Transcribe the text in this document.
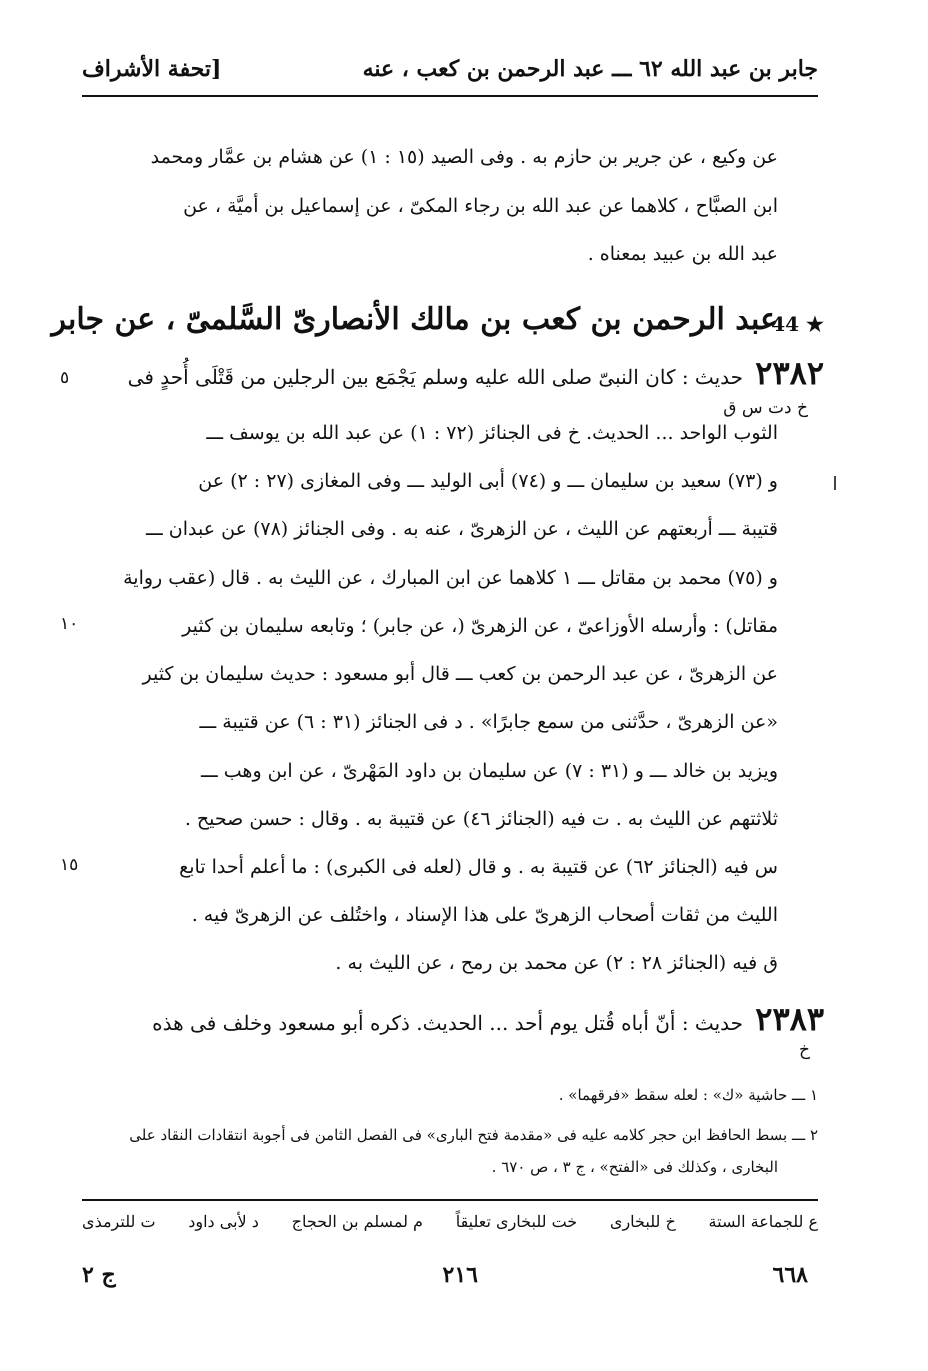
جابر بن عبد الله ٦٢ ـــ عبد الرحمن بن كعب ، عنه
[تحفة الأشراف
عن وكيع ، عن جرير بن حازم به . وفى الصيد (١٥ : ١) عن هشام بن عمَّار ومحمد
ابن الصبَّاح ، كلاهما عن عبد الله بن رجاء المكىّ ، عن إسماعيل بن أميَّة ، عن
عبد الله بن عبيد بمعناه .
44 ★
عبد الرحمن بن كعب بن مالك الأنصارىّ السَّلمىّ ، عن جابر
٢٣٨٢
حديث : كان النبىّ صلى الله عليه وسلم يَجْمَع بين الرجلين من قَتْلَى أُحدٍ فى
خ دت س ق
الثوب الواحد ... الحديث. خ فى الجنائز (٧٢ : ١) عن عبد الله بن يوسف ـــ
و (٧٣) سعيد بن سليمان ـــ و (٧٤) أبى الوليد ـــ وفى المغازى (٢٧ : ٢) عن
قتيبة ـــ أربعتهم عن الليث ، عن الزهرىّ ، عنه به . وفى الجنائز (٧٨) عن عبدان ـــ
و (٧٥) محمد بن مقاتل ـــ ١ كلاهما عن ابن المبارك ، عن الليث به . قال (عقب رواية
مقاتل) : وأرسله الأوزاعىّ ، عن الزهرىّ (، عن جابر) ؛ وتابعه سليمان بن كثير
عن الزهرىّ ، عن عبد الرحمن بن كعب ـــ قال أبو مسعود : حديث سليمان بن كثير
«عن الزهرىّ ، حدَّثنى من سمع جابرًا» . د فى الجنائز (٣١ : ٦) عن قتيبة ـــ
ويزيد بن خالد ـــ و (٣١ : ٧) عن سليمان بن داود المَهْرىّ ، عن ابن وهب ـــ
ثلاثتهم عن الليث به . ت فيه (الجنائز ٤٦) عن قتيبة به . وقال : حسن صحيح .
س فيه (الجنائز ٦٢) عن قتيبة به . و قال (لعله فى الكبرى) : ما أعلم أحدا تابع
الليث من ثقات أصحاب الزهرىّ على هذا الإسناد ، واختُلف عن الزهرىّ فيه .
ق فيه (الجنائز ٢٨ : ٢) عن محمد بن رمح ، عن الليث به .
٥
١٠
١٥
٢٣٨٣
حديث : أنّ أباه قُتل يوم أحد ... الحديث. ذكره أبو مسعود وخلف فى هذه
خ
١ ـــ حاشية «ك» : لعله سقط «فرقهما» .
٢ ـــ بسط الحافظ ابن حجر كلامه عليه فى «مقدمة فتح البارى» فى الفصل الثامن فى أجوبة انتقادات النقاد على
البخارى ، وكذلك فى «الفتح» ، ج ٣ ، ص ٦٧٠ .
ع للجماعة الستة
خ للبخارى
خت للبخارى تعليقاً
م لمسلم بن الحجاج
د لأبى داود
ت للترمذى
٦٦٨
٢١٦
ج ٢
